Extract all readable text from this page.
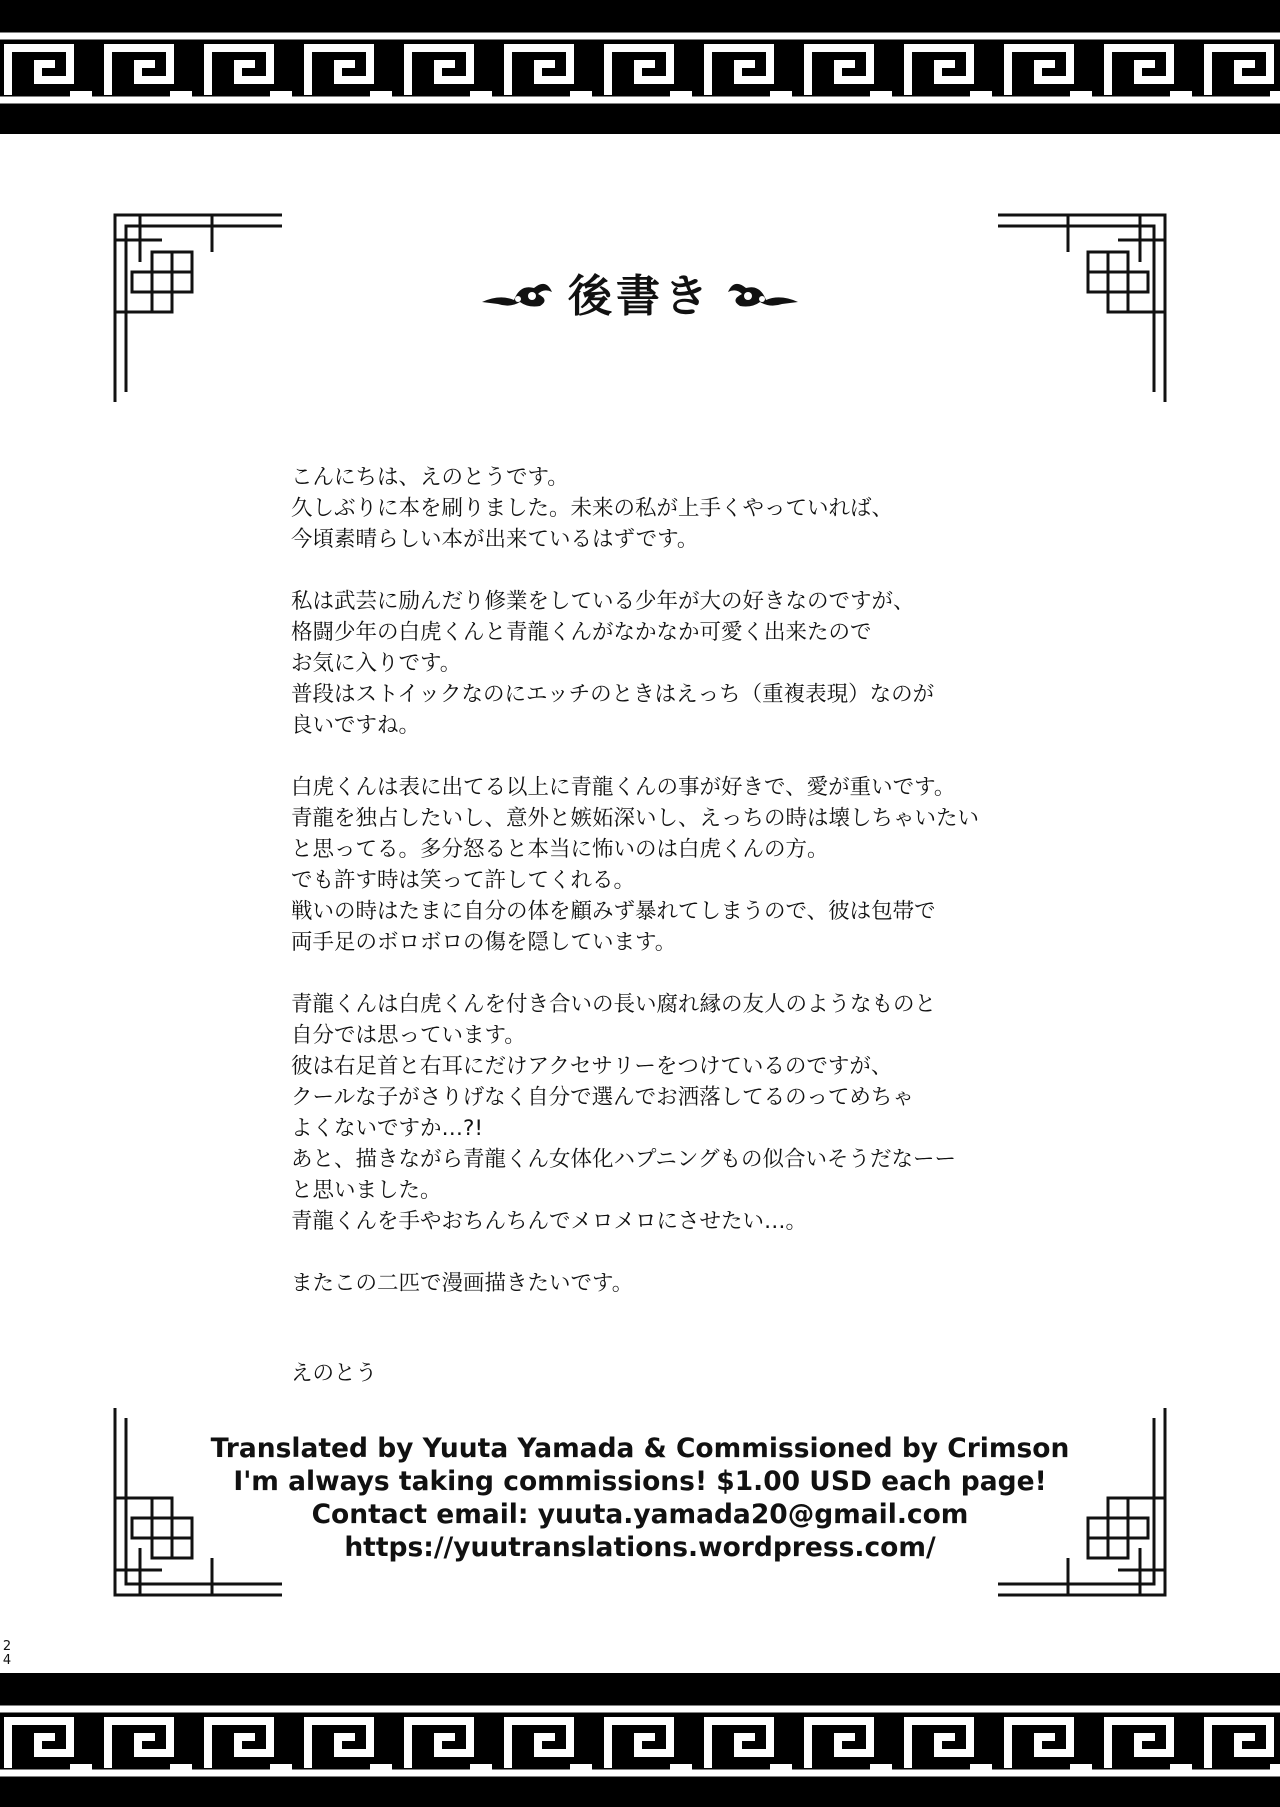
後書き
こんにちは、えのとうです。
久しぶりに本を刷りました。未来の私が上手くやっていれば、
今頃素晴らしい本が出来ているはずです。
私は武芸に励んだり修業をしている少年が大の好きなのですが、
格闘少年の白虎くんと青龍くんがなかなか可愛く出来たので
お気に入りです。
普段はストイックなのにエッチのときはえっち（重複表現）なのが
良いですね。
白虎くんは表に出てる以上に青龍くんの事が好きで、愛が重いです。
青龍を独占したいし、意外と嫉妬深いし、えっちの時は壊しちゃいたい
と思ってる。多分怒ると本当に怖いのは白虎くんの方。
でも許す時は笑って許してくれる。
戦いの時はたまに自分の体を顧みず暴れてしまうので、彼は包帯で
両手足のボロボロの傷を隠しています。
青龍くんは白虎くんを付き合いの長い腐れ縁の友人のようなものと
自分では思っています。
彼は右足首と右耳にだけアクセサリーをつけているのですが、
クールな子がさりげなく自分で選んでお洒落してるのってめちゃ
よくないですか…?!
あと、描きながら青龍くん女体化ハプニングもの似合いそうだなーー
と思いました。
青龍くんを手やおちんちんでメロメロにさせたい…。
またこの二匹で漫画描きたいです。
えのとう
Translated by Yuuta Yamada & Commissioned by Crimson
I'm always taking commissions! $1.00 USD each page!
Contact email: yuuta.yamada20@gmail.com
https://yuutranslations.wordpress.com/
2
4
